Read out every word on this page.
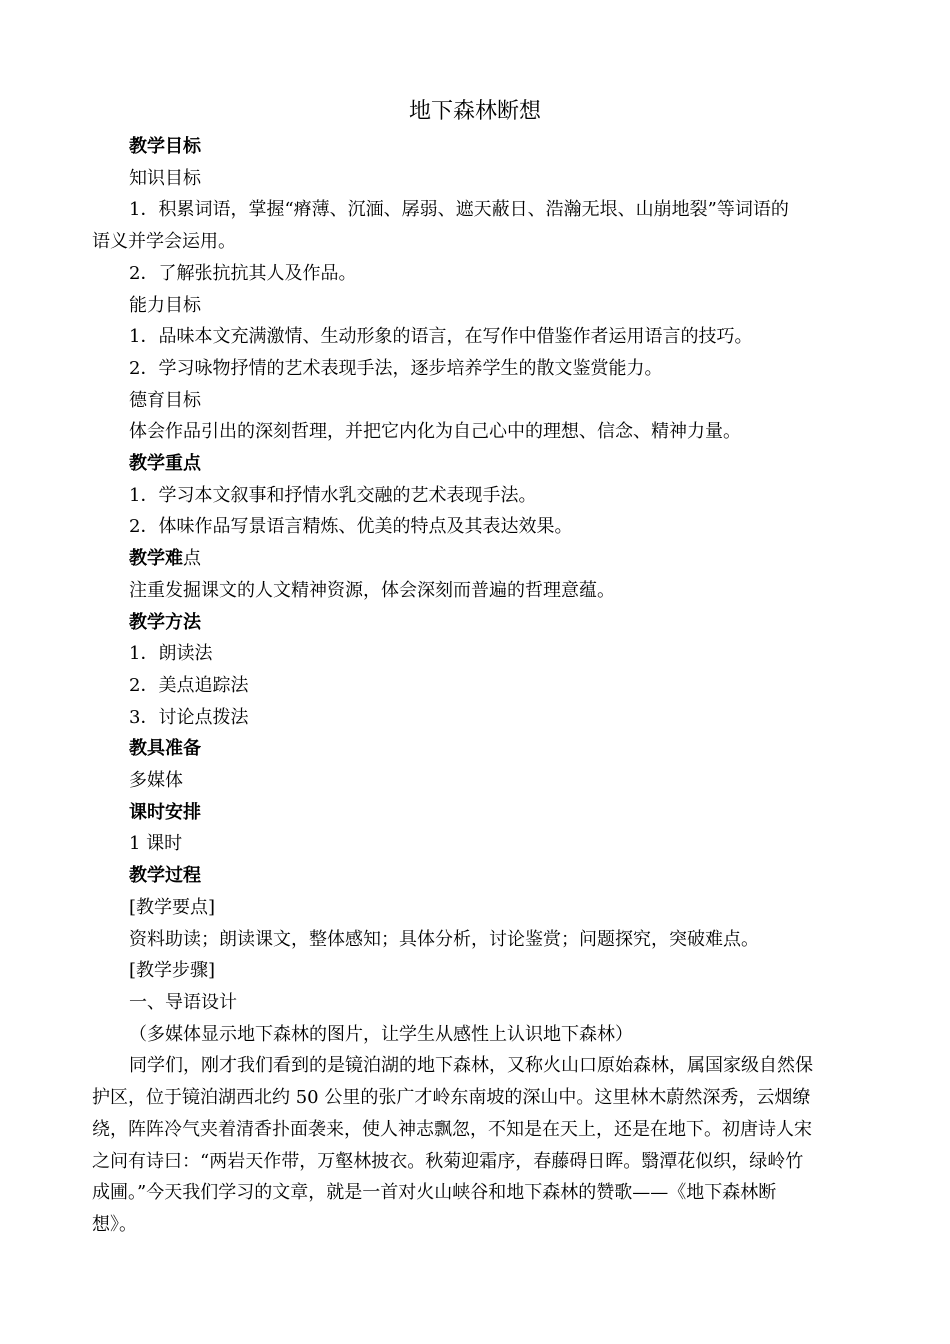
地下森林断想

教学目标

知识目标

1．积累词语，掌握“瘠薄、沉湎、孱弱、遮天蔽日、浩瀚无垠、山崩地裂”等词语的

语义并学会运用。

2．了解张抗抗其人及作品。

能力目标

1．品味本文充满激情、生动形象的语言，在写作中借鉴作者运用语言的技巧。

2．学习咏物抒情的艺术表现手法，逐步培养学生的散文鉴赏能力。

德育目标

体会作品引出的深刻哲理，并把它内化为自己心中的理想、信念、精神力量。

教学重点

1．学习本文叙事和抒情水乳交融的艺术表现手法。

2．体味作品写景语言精炼、优美的特点及其表达效果。

教学难点

注重发掘课文的人文精神资源，体会深刻而普遍的哲理意蕴。

教学方法

1．朗读法

2．美点追踪法

3．讨论点拨法

教具准备

多媒体

课时安排

1 课时

教学过程

[教学要点]

资料助读；朗读课文，整体感知；具体分析，讨论鉴赏；问题探究，突破难点。

[教学步骤]

一、导语设计

（多媒体显示地下森林的图片，让学生从感性上认识地下森林）

同学们，刚才我们看到的是镜泊湖的地下森林，又称火山口原始森林，属国家级自然保

护区，位于镜泊湖西北约 50 公里的张广才岭东南坡的深山中。这里林木蔚然深秀，云烟缭

绕，阵阵冷气夹着清香扑面袭来，使人神志飘忽，不知是在天上，还是在地下。初唐诗人宋

之问有诗曰：“两岩天作带，万壑林披衣。秋菊迎霜序，春藤碍日晖。翳潭花似织，绿岭竹

成圃。”今天我们学习的文章，就是一首对火山峡谷和地下森林的赞歌——《地下森林断

想》。
